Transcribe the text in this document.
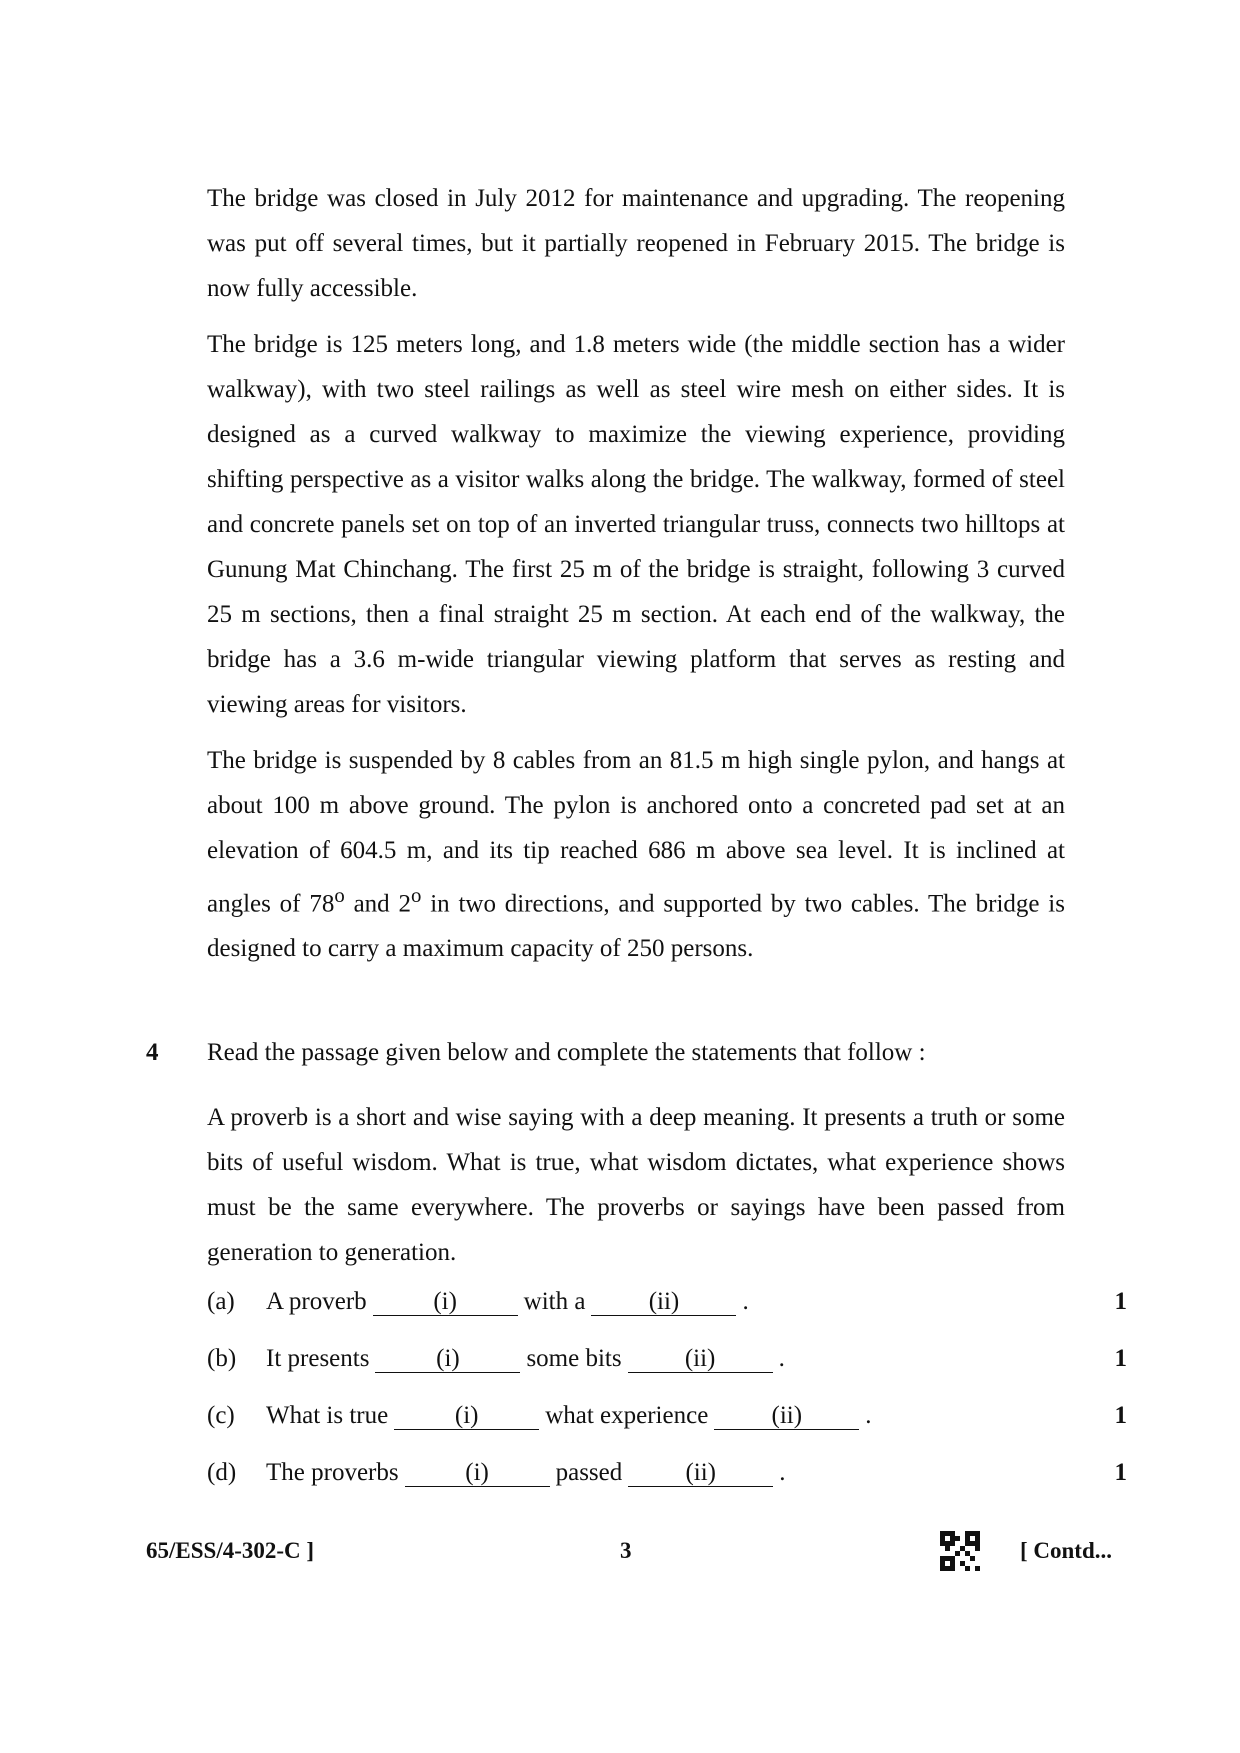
The bridge was closed in July 2012 for maintenance and upgrading. The reopening was put off several times, but it partially reopened in February 2015. The bridge is now fully accessible.

The bridge is 125 meters long, and 1.8 meters wide (the middle section has a wider walkway), with two steel railings as well as steel wire mesh on either sides. It is designed as a curved walkway to maximize the viewing experience, providing shifting perspective as a visitor walks along the bridge. The walkway, formed of steel and concrete panels set on top of an inverted triangular truss, connects two hilltops at Gunung Mat Chinchang. The first 25 m of the bridge is straight, following 3 curved 25 m sections, then a final straight 25 m section. At each end of the walkway, the bridge has a 3.6 m-wide triangular viewing platform that serves as resting and viewing areas for visitors.

The bridge is suspended by 8 cables from an 81.5 m high single pylon, and hangs at about 100 m above ground. The pylon is anchored onto a concreted pad set at an elevation of 604.5 m, and its tip reached 686 m above sea level. It is inclined at angles of 78$^o$ and 2$^o$ in two directions, and supported by two cables. The bridge is designed to carry a maximum capacity of 250 persons.

4 Read the passage given below and complete the statements that follow :

A proverb is a short and wise saying with a deep meaning. It presents a truth or some bits of useful wisdom. What is true, what wisdom dictates, what experience shows must be the same everywhere. The proverbs or sayings have been passed from generation to generation.

(a) A proverb	(i)	with a	(ii)	.	1
(b) It presents	(i)	some bits	(ii)	.	1
(c) What is true	(i)	what experience	(ii)	.	1
(d) The proverbs	(i)	passed	(ii)	.	1
65/ESS/4-302-C ]	3	[ Contd...
